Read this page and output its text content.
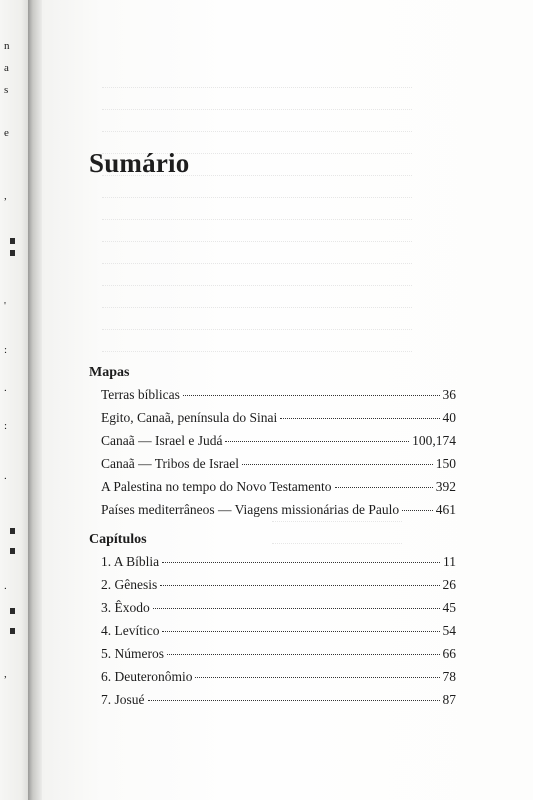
n
a
s
e
,
'
:
.
:
.
.
,
Sumário
Mapas
Terras bíblicas	36
Egito, Canaã, península do Sinai	40
Canaã — Israel e Judá	100,174
Canaã — Tribos de Israel	150
A Palestina no tempo do Novo Testamento	392
Países mediterrâneos — Viagens missionárias de Paulo	461
Capítulos
1. A Bíblia	11
2. Gênesis	26
3. Êxodo	45
4. Levítico	54
5. Números	66
6. Deuteronômio	78
7. Josué	87
